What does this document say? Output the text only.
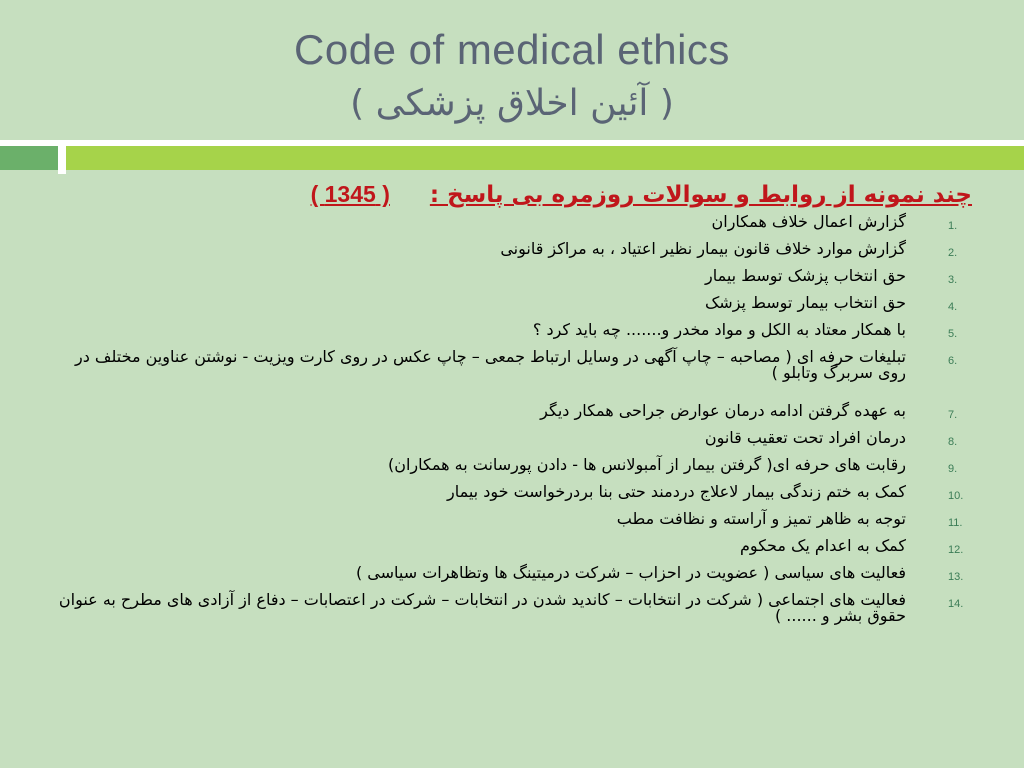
Code of medical ethics
( آئین اخلاق پزشکی )
چند نمونه از روابط و سوالات روزمره بی پاسخ :( 1345 )
1.
گزارش اعمال خلاف همکاران
2.
گزارش موارد خلاف قانون بیمار نظیر اعتیاد ، به مراکز قانونی
3.
حق انتخاب پزشک توسط بیمار
4.
حق انتخاب بیمار توسط پزشک
5.
با همکار معتاد به الکل و مواد مخدر و....... چه باید کرد ؟
6.
تبلیغات حرفه ای ( مصاحبه – چاپ آگهی در وسایل ارتباط جمعی – چاپ عکس در روی کارت ویزیت - نوشتن عناوین مختلف در روی سربرگ وتابلو )
7.
به عهده گرفتن ادامه درمان عوارض جراحی همکار دیگر
8.
درمان افراد تحت تعقیب قانون
9.
رقابت های حرفه ای( گرفتن بیمار از آمبولانس ها - دادن پورسانت به همکاران)
10.
کمک به ختم زندگی بیمار لاعلاج دردمند حتی بنا بردرخواست خود بیمار
11.
توجه به ظاهر تمیز و آراسته و نظافت مطب
12.
کمک به اعدام یک محکوم
13.
فعالیت های سیاسی ( عضویت در احزاب – شرکت درمیتینگ ها وتظاهرات سیاسی )
14.
فعالیت های اجتماعی ( شرکت در انتخابات – کاندید شدن در انتخابات – شرکت در اعتصابات – دفاع از آزادی های مطرح به عنوان حقوق بشر و ...... )
